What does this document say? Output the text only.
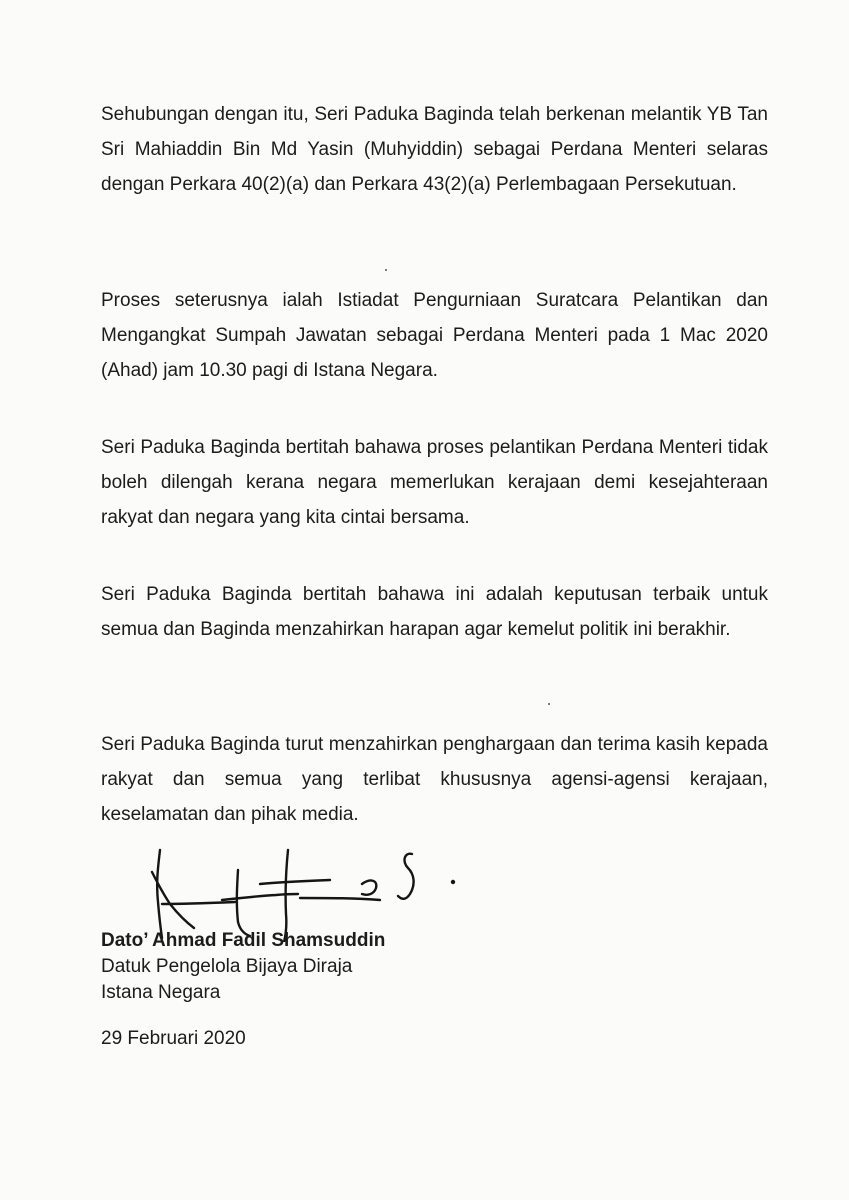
Sehubungan dengan itu, Seri Paduka Baginda telah berkenan melantik YB Tan Sri Mahiaddin Bin Md Yasin (Muhyiddin) sebagai Perdana Menteri selaras dengan Perkara 40(2)(a) dan Perkara 43(2)(a) Perlembagaan Persekutuan.

Proses seterusnya ialah Istiadat Pengurniaan Suratcara Pelantikan dan Mengangkat Sumpah Jawatan sebagai Perdana Menteri pada 1 Mac 2020 (Ahad) jam 10.30 pagi di Istana Negara.

Seri Paduka Baginda bertitah bahawa proses pelantikan Perdana Menteri tidak boleh dilengah kerana negara memerlukan kerajaan demi kesejahteraan rakyat dan negara yang kita cintai bersama.

Seri Paduka Baginda bertitah bahawa ini adalah keputusan terbaik untuk semua dan Baginda menzahirkan harapan agar kemelut politik ini berakhir.

Seri Paduka Baginda turut menzahirkan penghargaan dan terima kasih kepada rakyat dan semua yang terlibat khususnya agensi-agensi kerajaan, keselamatan dan pihak media.

Dato’ Ahmad Fadil Shamsuddin
Datuk Pengelola Bijaya Diraja
Istana Negara
29 Februari 2020
